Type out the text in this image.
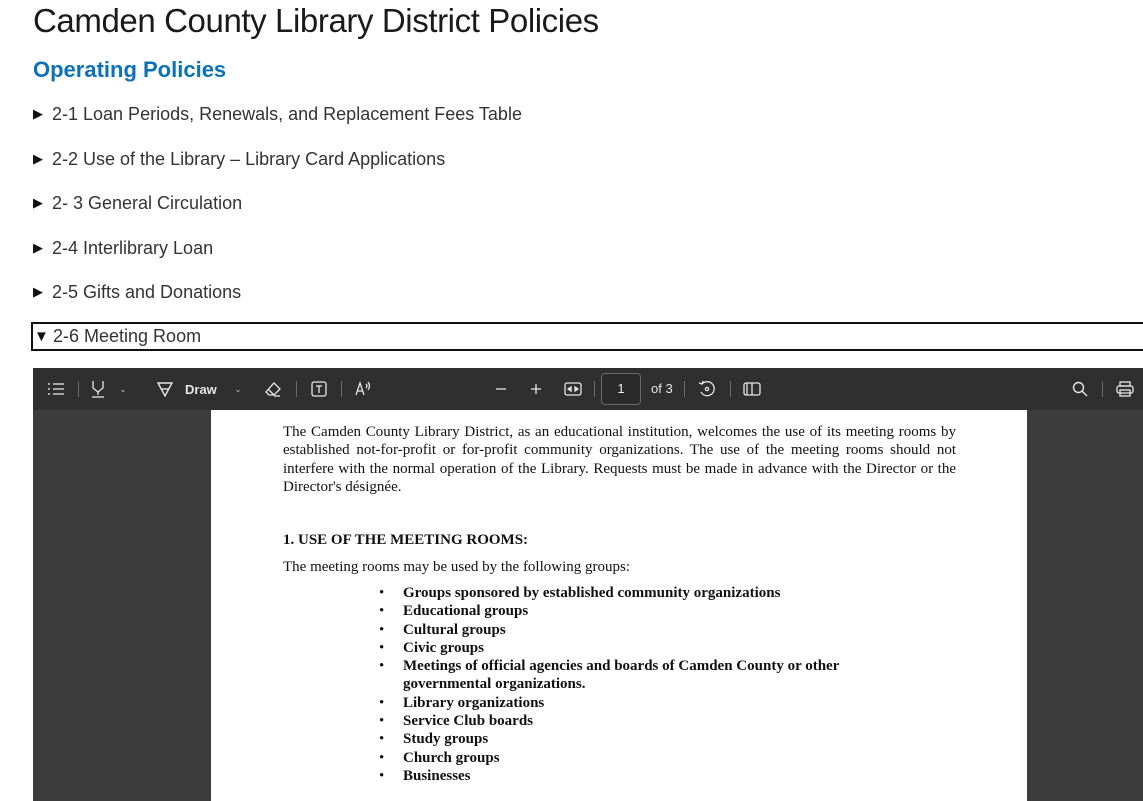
Camden County Library District Policies
Operating Policies
▶ 2-1 Loan Periods, Renewals, and Replacement Fees Table
▶ 2-2 Use of the Library – Library Card Applications
▶ 2- 3 General Circulation
▶ 2-4 Interlibrary Loan
▶ 2-5 Gifts and Donations
▼ 2-6 Meeting Room
⌄	Draw ⌄	1	of 3

The Camden County Library District, as an educational institution, welcomes the use of its meeting rooms by established not-for-profit or for-profit community organizations. The use of the meeting rooms should not interfere with the normal operation of the Library. Requests must be made in advance with the Director or the Director's désignée.

1. USE OF THE MEETING ROOMS:
The meeting rooms may be used by the following groups:
• Groups sponsored by established community organizations
• Educational groups
• Cultural groups
• Civic groups
• Meetings of official agencies and boards of Camden County or other governmental organizations.
• Library organizations
• Service Club boards
• Study groups
• Church groups
• Businesses
